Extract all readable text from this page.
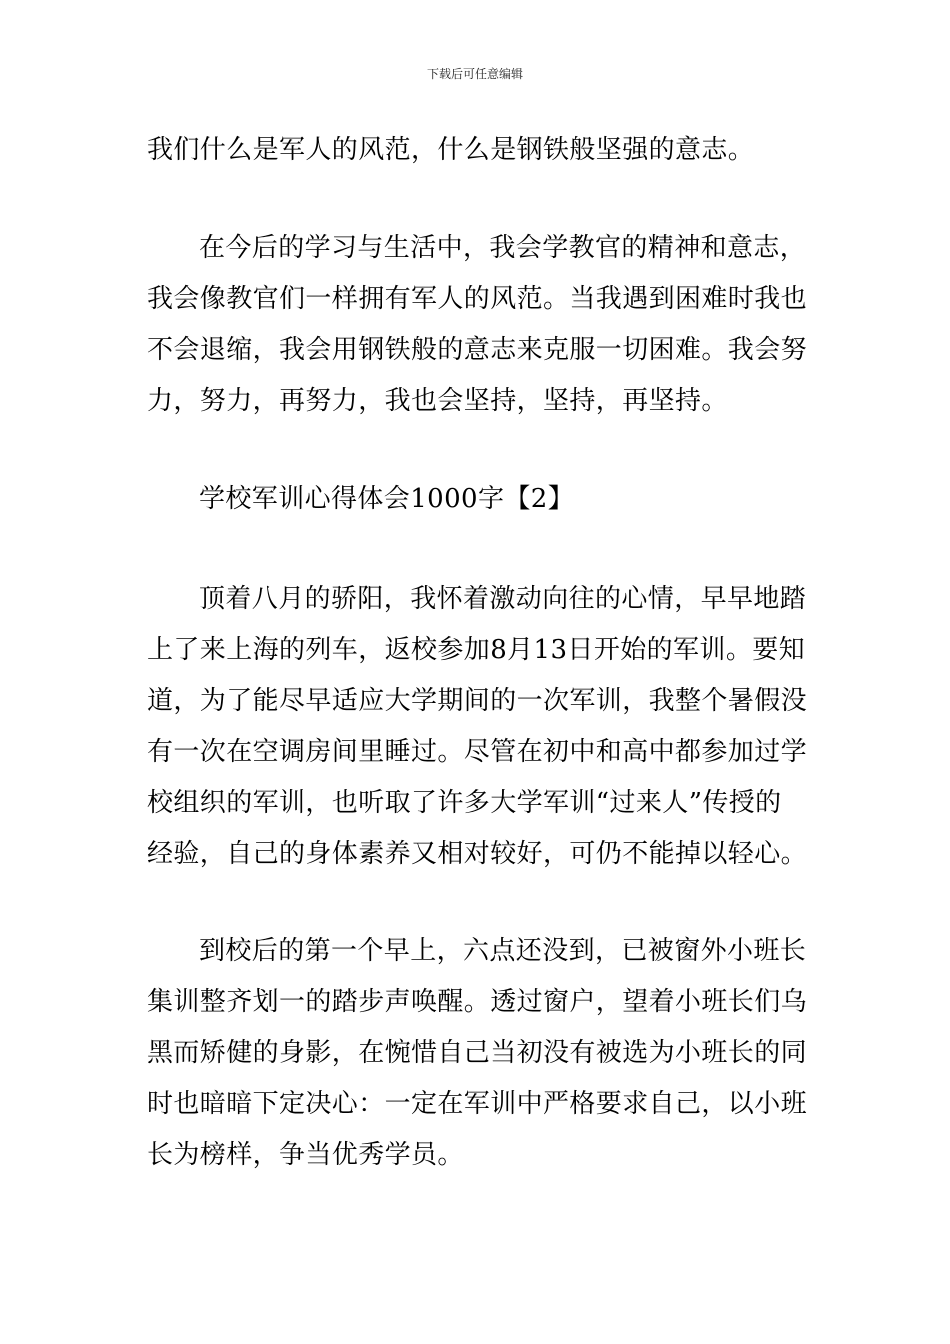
下载后可任意编辑
我们什么是军人的风范，什么是钢铁般坚强的意志。
在今后的学习与生活中，我会学教官的精神和意志，
我会像教官们一样拥有军人的风范。当我遇到困难时我也
不会退缩，我会用钢铁般的意志来克服一切困难。我会努
力，努力，再努力，我也会坚持，坚持，再坚持。
学校军训心得体会1000字【2】
顶着八月的骄阳，我怀着激动向往的心情，早早地踏
上了来上海的列车，返校参加8月13日开始的军训。要知
道，为了能尽早适应大学期间的一次军训，我整个暑假没
有一次在空调房间里睡过。尽管在初中和高中都参加过学
校组织的军训，也听取了许多大学军训“过来人”传授的
经验，自己的身体素养又相对较好，可仍不能掉以轻心。
到校后的第一个早上，六点还没到，已被窗外小班长
集训整齐划一的踏步声唤醒。透过窗户，望着小班长们乌
黑而矫健的身影，在惋惜自己当初没有被选为小班长的同
时也暗暗下定决心：一定在军训中严格要求自己，以小班
长为榜样，争当优秀学员。
